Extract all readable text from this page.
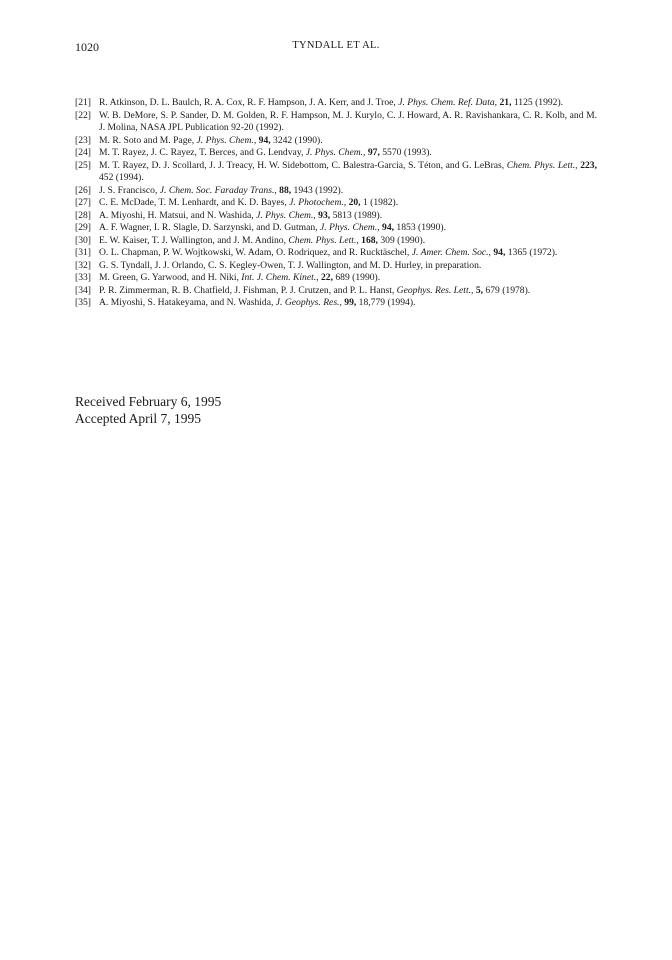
1020	TYNDALL ET AL.
[21] R. Atkinson, D. L. Baulch, R. A. Cox, R. F. Hampson, J. A. Kerr, and J. Troe, J. Phys. Chem. Ref. Data, 21, 1125 (1992).
[22] W. B. DeMore, S. P. Sander, D. M. Golden, R. F. Hampson, M. J. Kurylo, C. J. Howard, A. R. Ravishankara, C. R. Kolb, and M. J. Molina, NASA JPL Publication 92-20 (1992).
[23] M. R. Soto and M. Page, J. Phys. Chem., 94, 3242 (1990).
[24] M. T. Rayez, J. C. Rayez, T. Berces, and G. Lendvay, J. Phys. Chem., 97, 5570 (1993).
[25] M. T. Rayez, D. J. Scollard, J. J. Treacy, H. W. Sidebottom, C. Balestra-Garcia, S. Téton, and G. LeBras, Chem. Phys. Lett., 223, 452 (1994).
[26] J. S. Francisco, J. Chem. Soc. Faraday Trans., 88, 1943 (1992).
[27] C. E. McDade, T. M. Lenhardt, and K. D. Bayes, J. Photochem., 20, 1 (1982).
[28] A. Miyoshi, H. Matsui, and N. Washida, J. Phys. Chem., 93, 5813 (1989).
[29] A. F. Wagner, I. R. Slagle, D. Sarzynski, and D. Gutman, J. Phys. Chem., 94, 1853 (1990).
[30] E. W. Kaiser, T. J. Wallington, and J. M. Andino, Chem. Phys. Lett., 168, 309 (1990).
[31] O. L. Chapman, P. W. Wojtkowski, W. Adam, O. Rodriquez, and R. Rucktäschel, J. Amer. Chem. Soc., 94, 1365 (1972).
[32] G. S. Tyndall, J. J. Orlando, C. S. Kegley-Owen, T. J. Wallington, and M. D. Hurley, in preparation.
[33] M. Green, G. Yarwood, and H. Niki, Int. J. Chem. Kinet., 22, 689 (1990).
[34] P. R. Zimmerman, R. B. Chatfield, J. Fishman, P. J. Crutzen, and P. L. Hanst, Geophys. Res. Lett., 5, 679 (1978).
[35] A. Miyoshi, S. Hatakeyama, and N. Washida, J. Geophys. Res., 99, 18,779 (1994).
Received February 6, 1995
Accepted April 7, 1995
